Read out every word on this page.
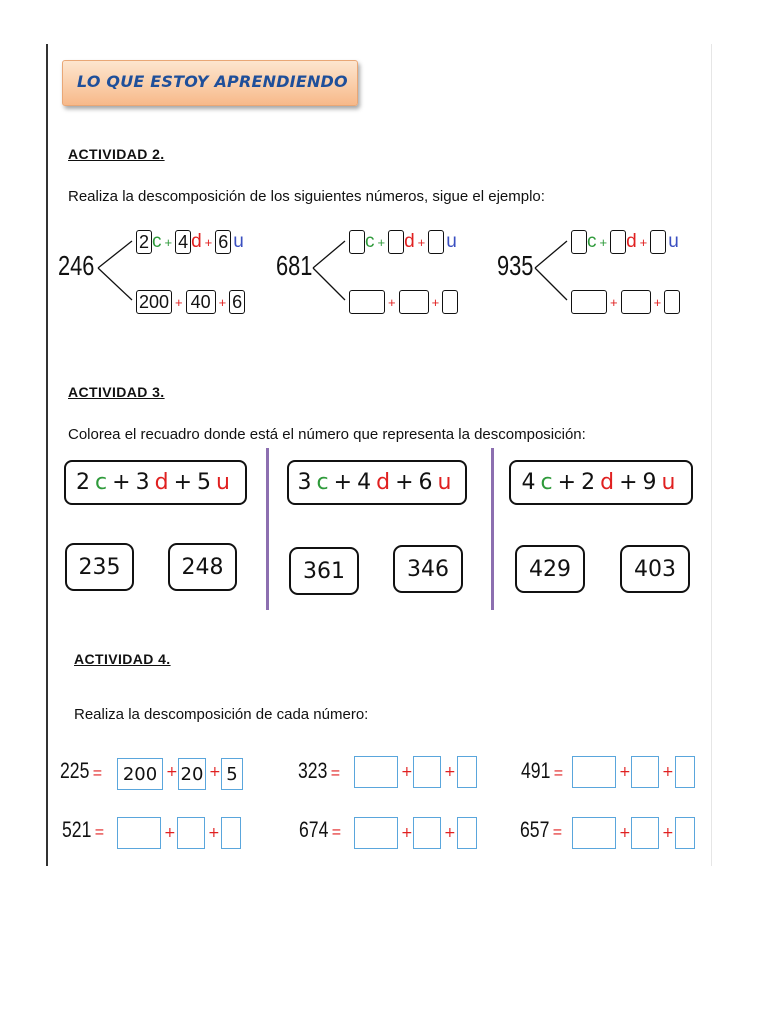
LO QUE ESTOY APRENDIENDO
ACTIVIDAD 2.
Realiza la descomposición de los siguientes números, sigue el ejemplo:
246
2 c + 4 d + 6 u
200 + 40 + 6
681
c + d + u
+	+
935
c + d + u
+	+
ACTIVIDAD 3.
Colorea el recuadro donde está el número que representa la descomposición:
2 c + 3 d + 5 u
235	248
3 c + 4 d + 6 u
361	346
4 c + 2 d + 9 u
429	403
ACTIVIDAD 4.
Realiza la descomposición de cada número:
225 =	200 + 20 + 5	323 =	+ +	491 =	+ +
521 =	+ +	674 =	+ +	657 =	+ +
